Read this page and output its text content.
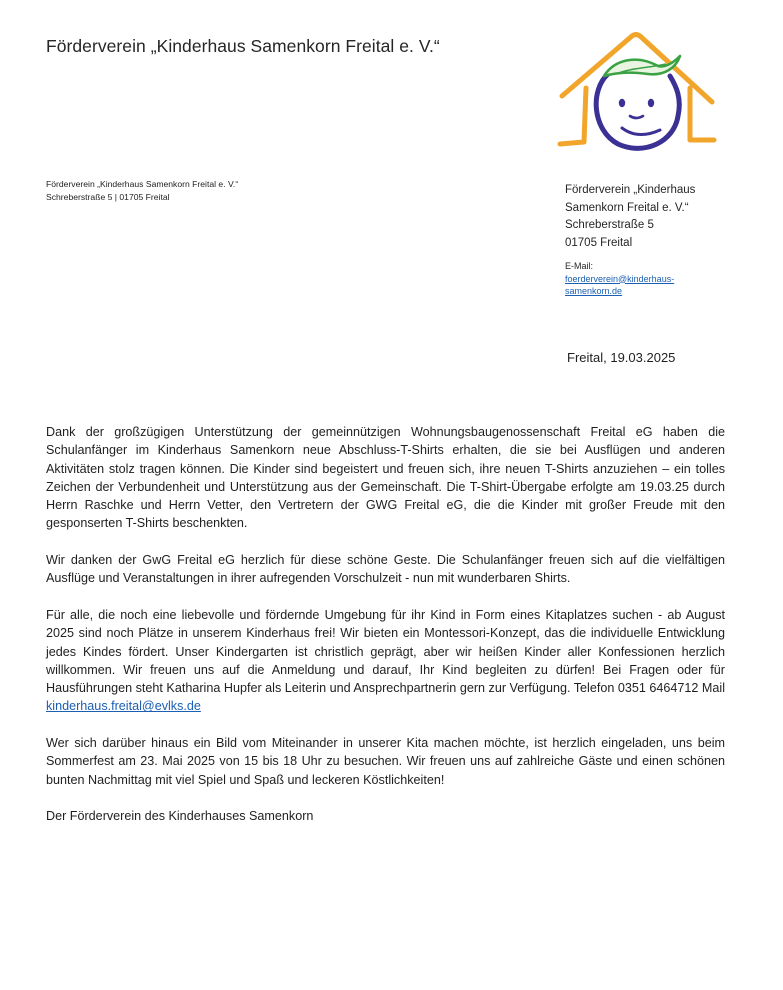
Förderverein „Kinderhaus Samenkorn Freital e. V.“
Förderverein „Kinderhaus Samenkorn Freital e. V.“
Schreberstraße 5 | 01705 Freital
Förderverein „Kinderhaus
Samenkorn Freital e. V.“
Schreberstraße 5
01705 Freital
E-Mail:
foerderverein@kinderhaus-
samenkorn.de
Freital, 19.03.2025

Dank der großzügigen Unterstützung der gemeinnützigen Wohnungsbaugenossenschaft Freital eG haben die Schulanfänger im Kinderhaus Samenkorn neue Abschluss-T-Shirts erhalten, die sie bei Ausflügen und anderen Aktivitäten stolz tragen können. Die Kinder sind begeistert und freuen sich, ihre neuen T-Shirts anzuziehen – ein tolles Zeichen der Verbundenheit und Unterstützung aus der Gemeinschaft. Die T-Shirt-Übergabe erfolgte am 19.03.25 durch Herrn Raschke und Herrn Vetter, den Vertretern der GWG Freital eG, die die Kinder mit großer Freude mit den gesponserten T-Shirts beschenkten.

Wir danken der GwG Freital eG herzlich für diese schöne Geste. Die Schulanfänger freuen sich auf die vielfältigen Ausflüge und Veranstaltungen in ihrer aufregenden Vorschulzeit - nun mit wunderbaren Shirts.

Für alle, die noch eine liebevolle und fördernde Umgebung für ihr Kind in Form eines Kitaplatzes suchen - ab August 2025 sind noch Plätze in unserem Kinderhaus frei! Wir bieten ein Montessori-Konzept, das die individuelle Entwicklung jedes Kindes fördert. Unser Kindergarten ist christlich geprägt, aber wir heißen Kinder aller Konfessionen herzlich willkommen. Wir freuen uns auf die Anmeldung und darauf, Ihr Kind begleiten zu dürfen! Bei Fragen oder für Hausführungen steht Katharina Hupfer als Leiterin und Ansprechpartnerin gern zur Verfügung. Telefon 0351 6464712 Mail kinderhaus.freital@evlks.de

Wer sich darüber hinaus ein Bild vom Miteinander in unserer Kita machen möchte, ist herzlich eingeladen, uns beim Sommerfest am 23. Mai 2025 von 15 bis 18 Uhr zu besuchen. Wir freuen uns auf zahlreiche Gäste und einen schönen bunten Nachmittag mit viel Spiel und Spaß und leckeren Köstlichkeiten!

Der Förderverein des Kinderhauses Samenkorn
